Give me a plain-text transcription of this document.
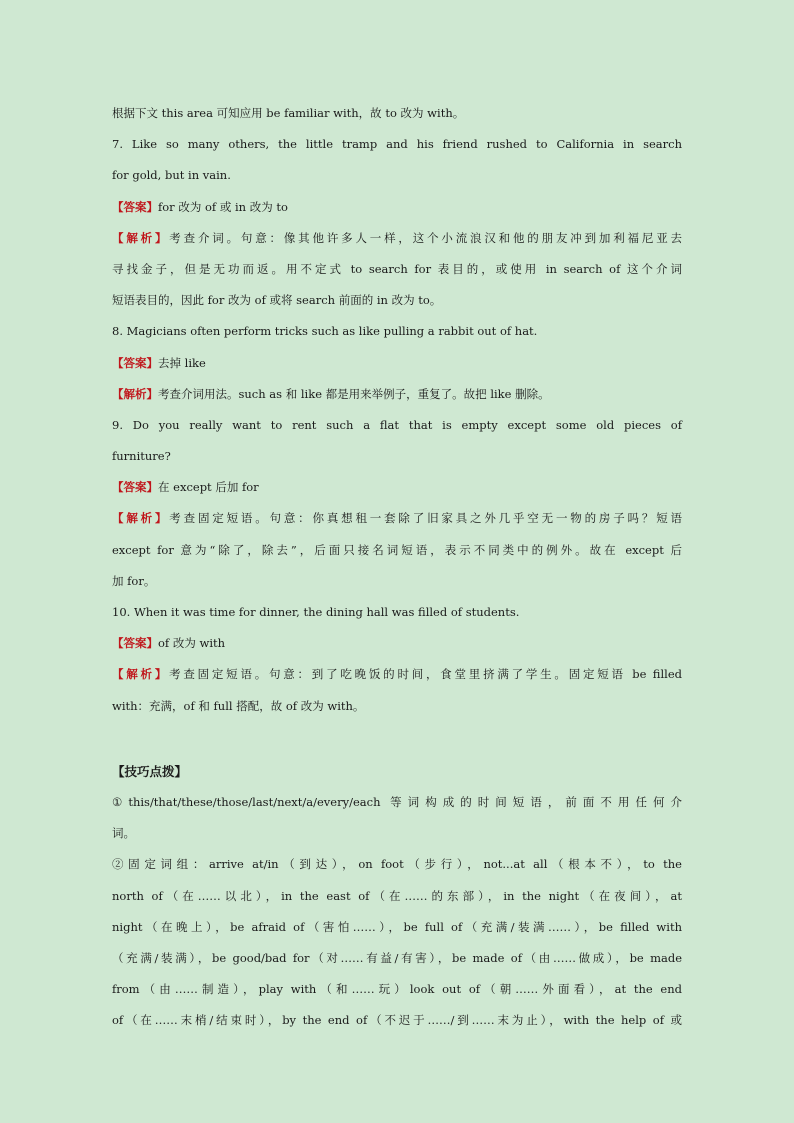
根据下文 this area 可知应用 be familiar with，故 to 改为 with。
7. Like so many others, the little tramp and his friend rushed to California in search
for gold, but in vain.
【答案】for 改为 of 或 in 改为 to
【解析】考查介词。句意：像其他许多人一样，这个小流浪汉和他的朋友冲到加利福尼亚去
寻找金子，但是无功而返。用不定式 to search for 表目的，或使用 in search of 这个介词
短语表目的，因此 for 改为 of 或将 search 前面的 in 改为 to。
8. Magicians often perform tricks such as like pulling a rabbit out of hat.
【答案】去掉 like
【解析】考查介词用法。such as 和 like 都是用来举例子，重复了。故把 like 删除。
9. Do you really want to rent such a flat that is empty except some old pieces of
furniture?
【答案】在 except 后加 for
【解析】考查固定短语。句意：你真想租一套除了旧家具之外几乎空无一物的房子吗？短语
except for 意为“除了，除去”，后面只接名词短语，表示不同类中的例外。故在 except 后
加 for。
10. When it was time for dinner, the dining hall was filled of students.
【答案】of 改为 with
【解析】考查固定短语。句意：到了吃晚饭的时间，食堂里挤满了学生。固定短语 be filled
with：充满，of 和 full 搭配，故 of 改为 with。
【技巧点拨】
①this/that/these/those/last/next/a/every/each 等词构成的时间短语，前面不用任何介
词。
②固定词组：arrive at/in（到达），on foot（步行），not...at all（根本不），to the
north of（在……以北），in the east of（在……的东部），in the night（在夜间），at
night（在晚上），be afraid of（害怕……），be full of（充满/装满……），be filled with
（充满/装满），be good/bad for（对……有益/有害），be made of（由……做成），be made
from（由……制造），play with（和……玩）look out of（朝……外面看），at the end
of（在……末梢/结束时），by the end of（不迟于……/到……末为止），with the help of 或
